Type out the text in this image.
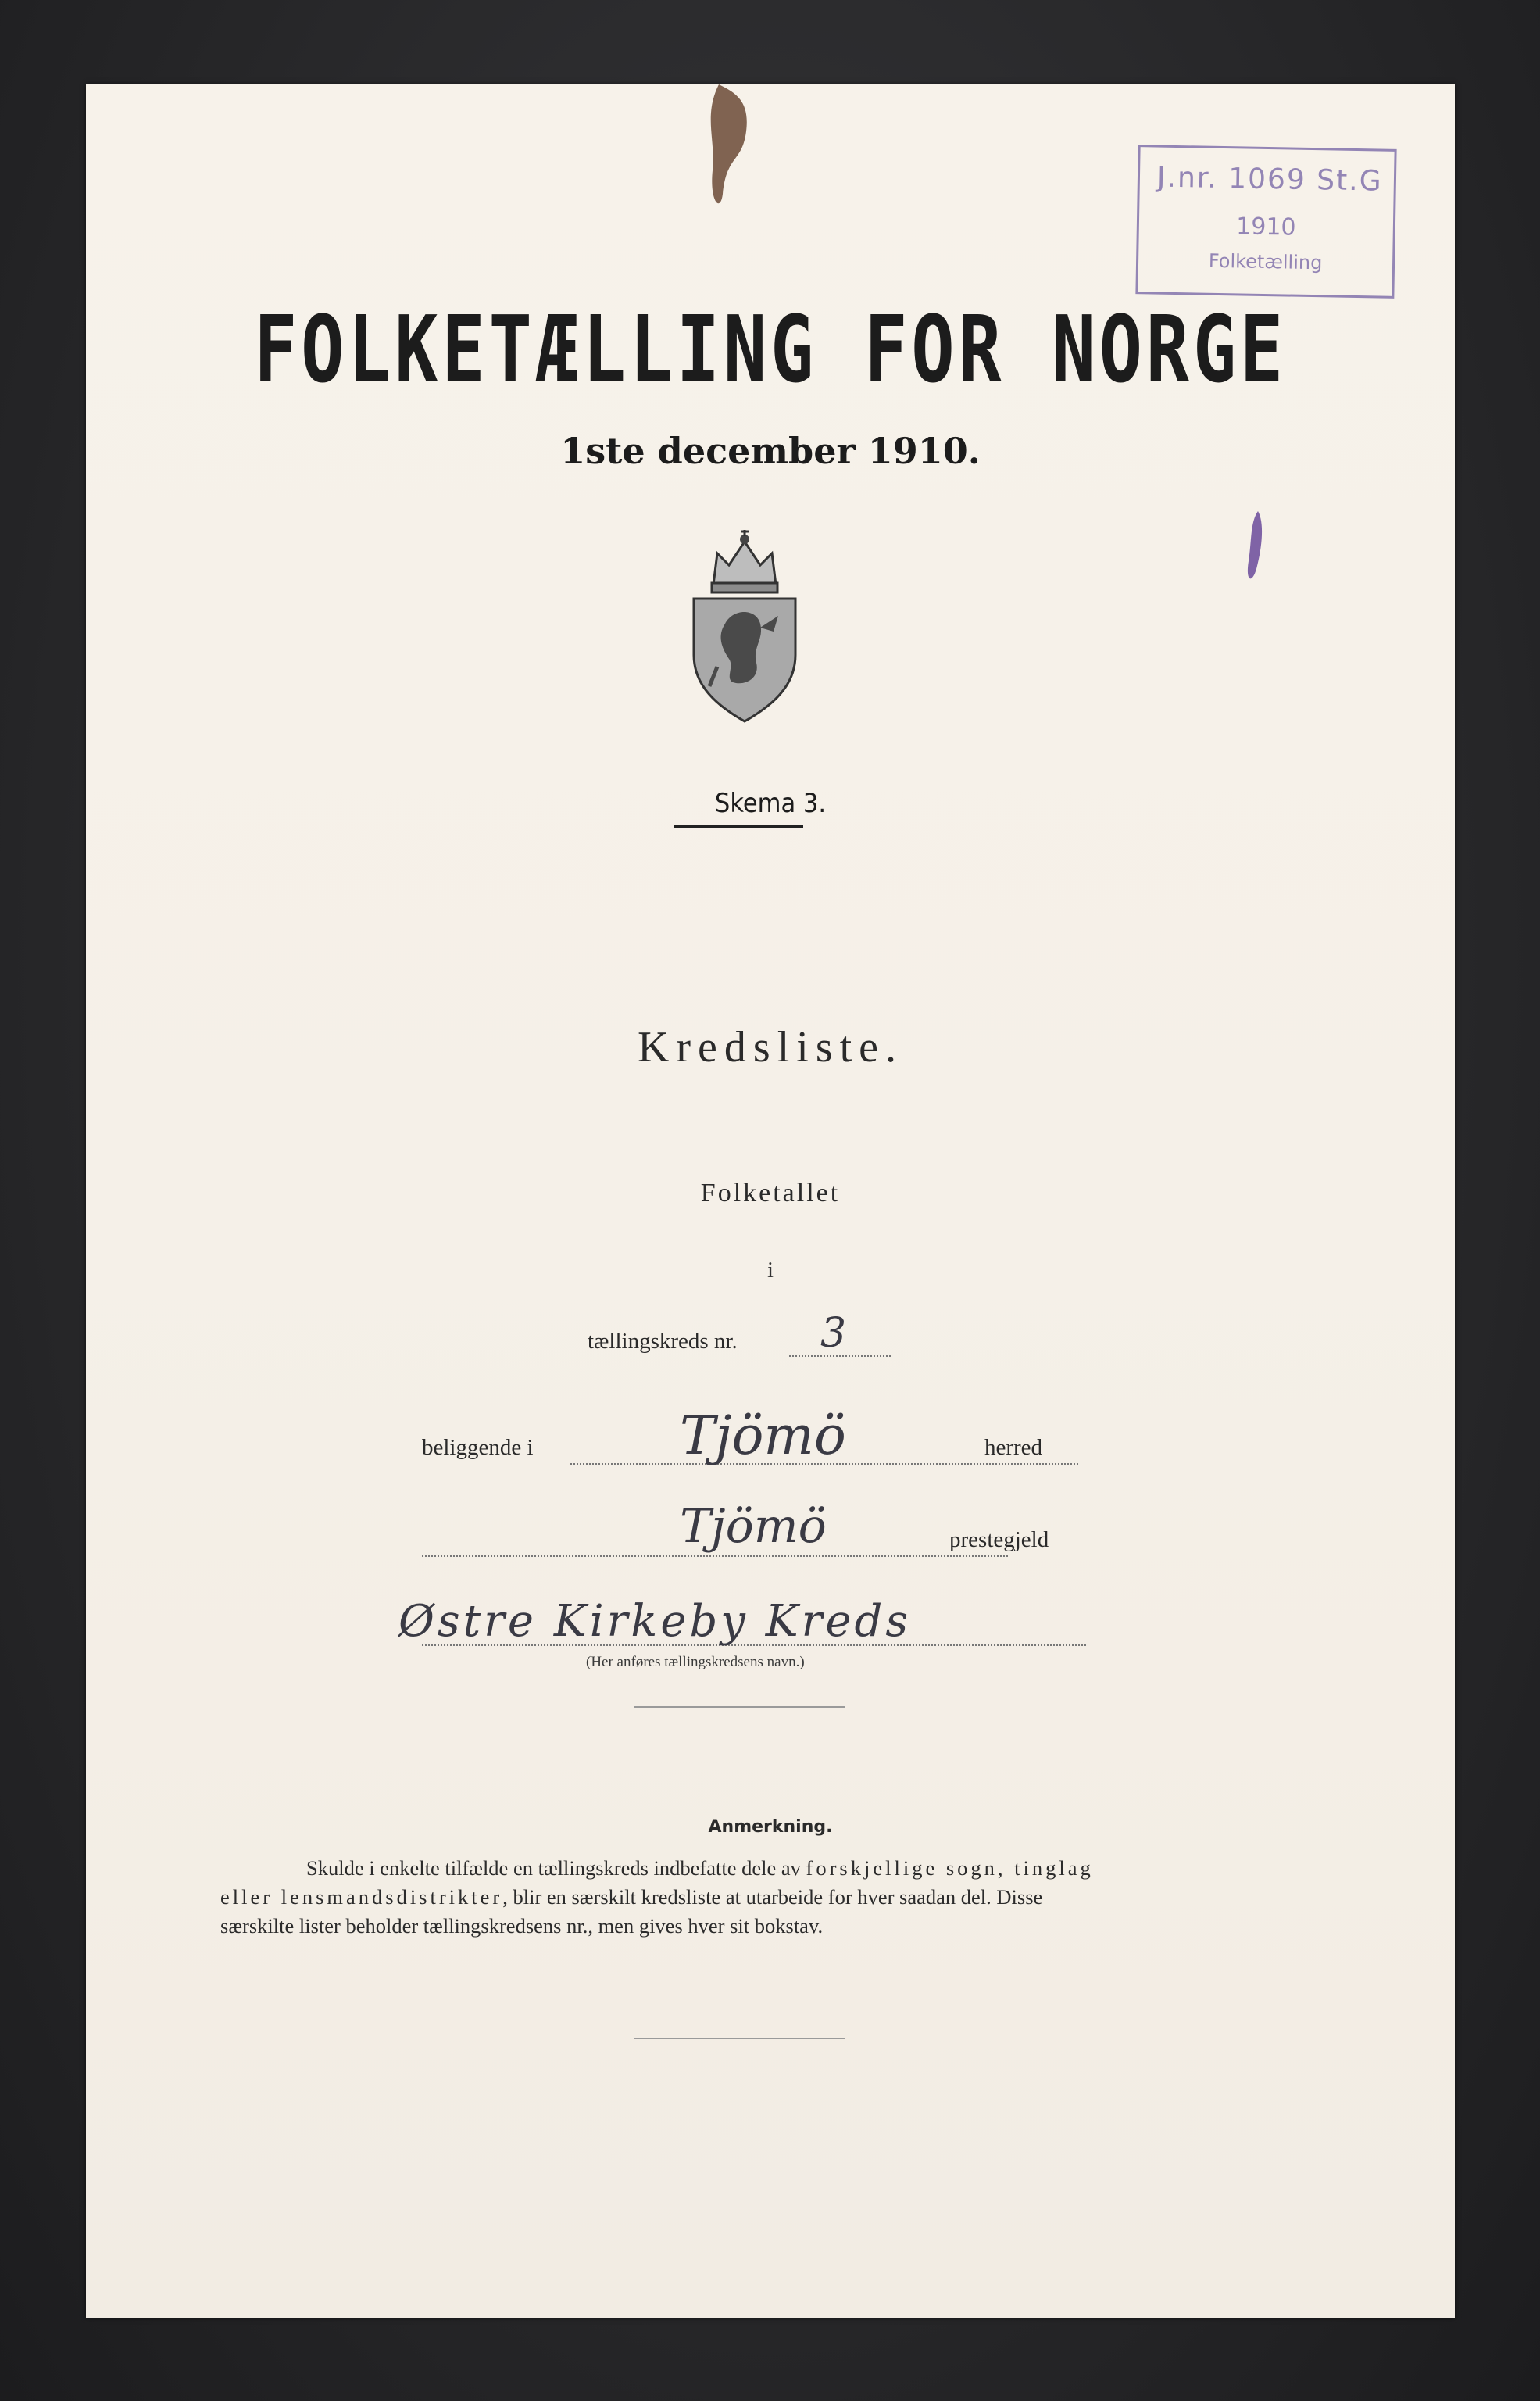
J.nr. 1069 St.G
1910
Folketælling
FOLKETÆLLING FOR NORGE
1ste december 1910.
Skema 3.
Kredsliste.
Folketallet
i
tællingskreds nr. 3
beliggende i	Tjömö	herred
Tjömö	prestegjeld
Østre Kirkeby Kreds
(Her anføres tællingskredsens navn.)
Anmerkning.
Skulde i enkelte tilfælde en tællingskreds indbefatte dele av forskjellige sogn, tinglag
eller lensmandsdistrikter, blir en særskilt kredsliste at utarbeide for hver saadan del. Disse
særskilte lister beholder tællingskredsens nr., men gives hver sit bokstav.
